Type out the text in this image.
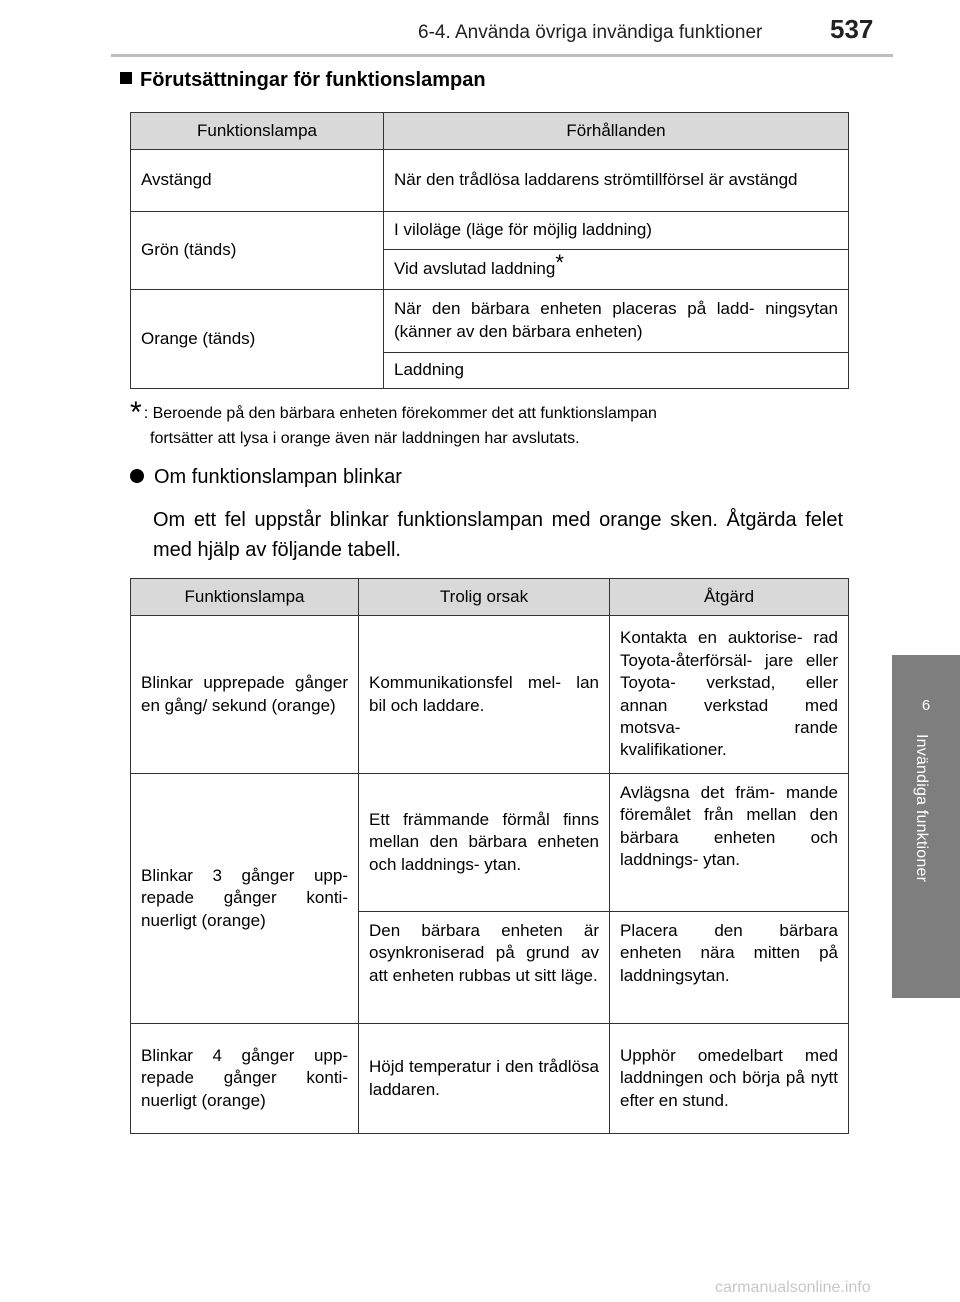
6-4. Använda övriga invändiga funktioner	537
6
Invändiga funktioner
Förutsättningar för funktionslampan
Funktionslampa	Förhållanden
Avstängd	När den trådlösa laddarens strömtillförsel är avstängd
Grön (tänds)	I viloläge (läge för möjlig laddning)
	Vid avslutad laddning*
Orange (tänds)	När den bärbara enheten placeras på ladd- ningsytan (känner av den bärbara enheten)
	Laddning
* : Beroende på den bärbara enheten förekommer det att funktionslampan
fortsätter att lysa i orange även när laddningen har avslutats.
Om funktionslampan blinkar
Om ett fel uppstår blinkar funktionslampan med orange sken. Åtgärda felet med hjälp av följande tabell.
Funktionslampa	Trolig orsak	Åtgärd
Blinkar upprepade gånger en gång/ sekund (orange)	Kommunikationsfel mel- lan bil och laddare.	Kontakta en auktorise- rad Toyota-återförsäl- jare eller Toyota- verkstad, eller annan verkstad med motsva- rande kvalifikationer.
Blinkar 3 gånger upp- repade gånger konti- nuerligt (orange)	Ett främmande förmål finns mellan den bärbara enheten och laddnings- ytan.	Avlägsna det främ- mande föremålet från mellan den bärbara enheten och laddnings- ytan.
	Den bärbara enheten är osynkroniserad på grund av att enheten rubbas ut sitt läge.	Placera den bärbara enheten nära mitten på laddningsytan.
Blinkar 4 gånger upp- repade gånger konti- nuerligt (orange)	Höjd temperatur i den trådlösa laddaren.	Upphör omedelbart med laddningen och börja på nytt efter en stund.
carmanualsonline.info
